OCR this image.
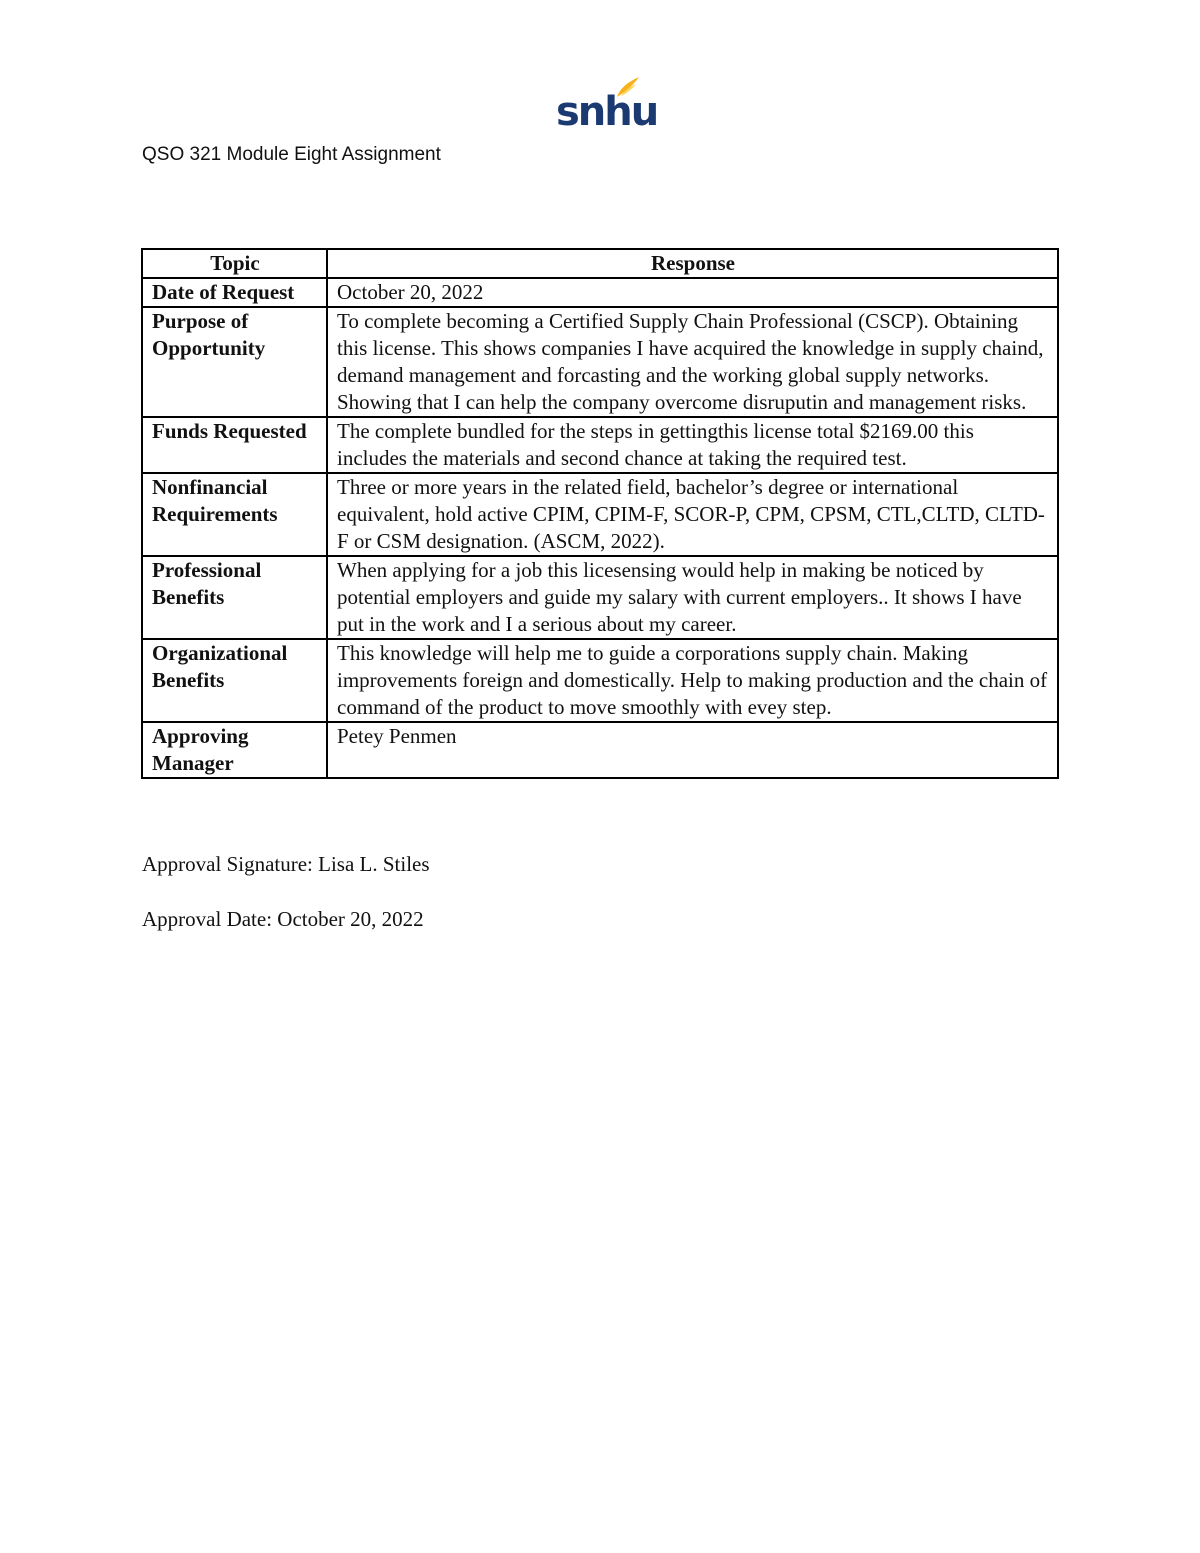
snhu
QSO 321 Module Eight Assignment
Topic	Response
Date of Request	October 20, 2022
Purpose of Opportunity	To complete becoming a Certified Supply Chain Professional (CSCP). Obtaining this license. This shows companies I have acquired the knowledge in supply chaind, demand management and forcasting and the working global supply networks. Showing that I can help the company overcome disruputin and management risks.
Funds Requested	The complete bundled for the steps in gettingthis license total $2169.00 this includes the materials and second chance at taking the required test.
Nonfinancial Requirements	Three or more years in the related field, bachelor’s degree or international equivalent, hold active CPIM, CPIM-F, SCOR-P, CPM, CPSM, CTL,CLTD, CLTD-F or CSM designation. (ASCM, 2022).
Professional Benefits	When applying for a job this licesensing would help in making be noticed by potential employers and guide my salary with current employers.. It shows I have put in the work and I a serious about my career.
Organizational Benefits	This knowledge will help me to guide a corporations supply chain. Making improvements foreign and domestically. Help to making production and the chain of command of the product to move smoothly with evey step.
Approving Manager	Petey Penmen
Approval Signature: Lisa L. Stiles
Approval Date: October 20, 2022
